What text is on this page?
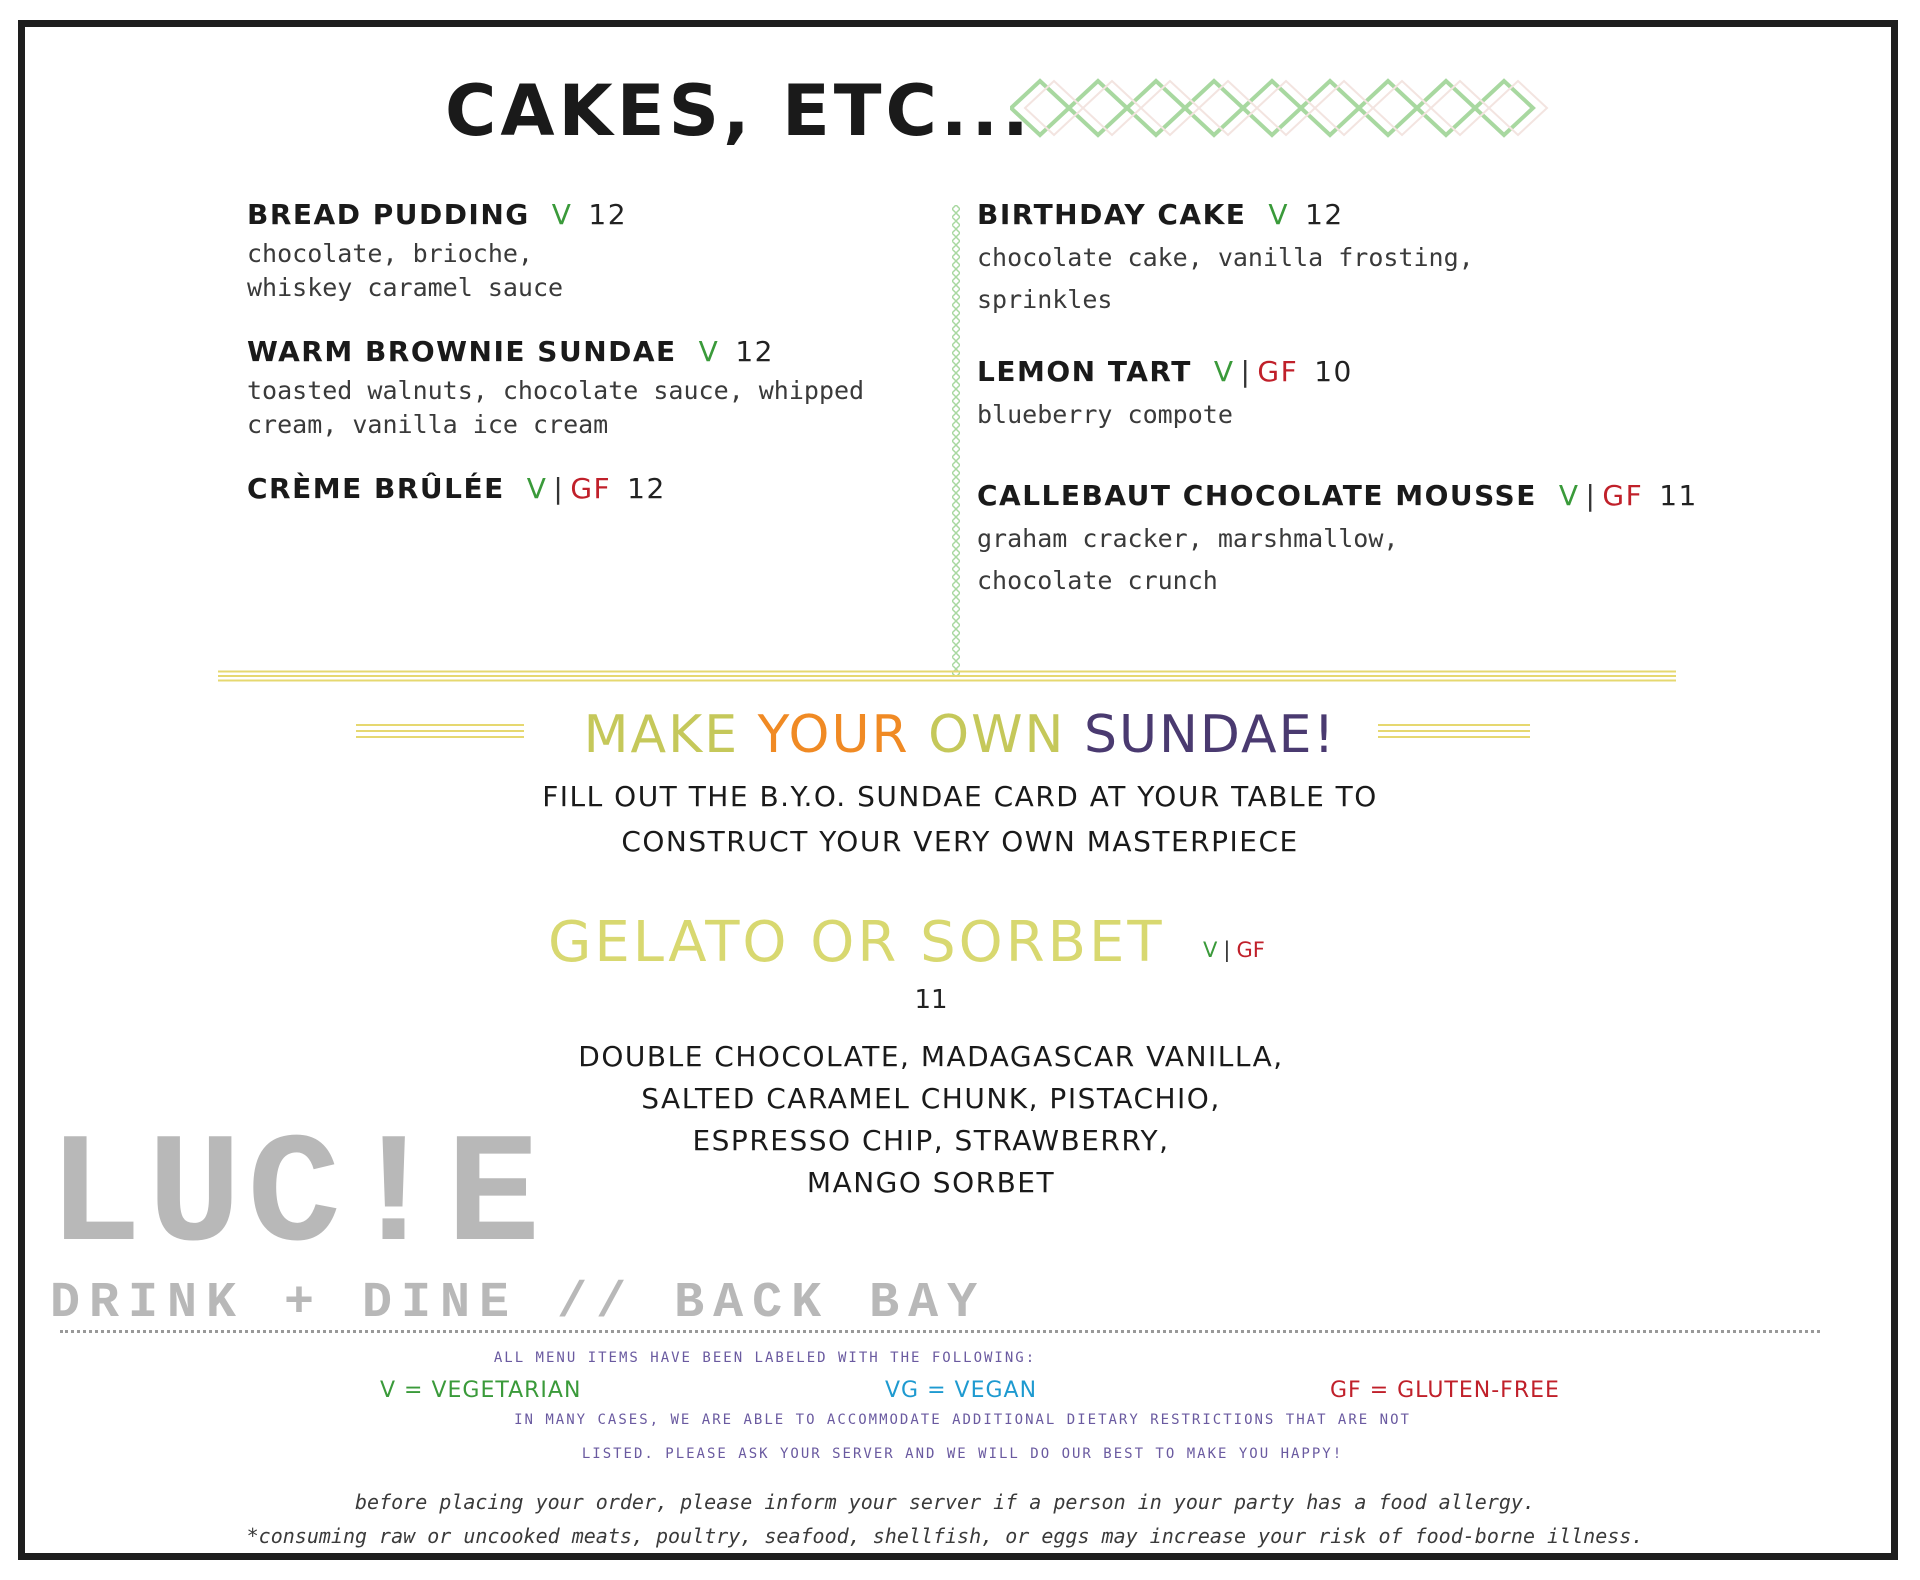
CAKES, ETC...
BREAD PUDDING V 12
chocolate, brioche,
whiskey caramel sauce
WARM BROWNIE SUNDAE V 12
toasted walnuts, chocolate sauce, whipped
cream, vanilla ice cream
CRÈME BRÛLÉE V | GF 12
BIRTHDAY CAKE V 12
chocolate cake, vanilla frosting,
sprinkles
LEMON TART V | GF 10
blueberry compote
CALLEBAUT CHOCOLATE MOUSSE V | GF 11
graham cracker, marshmallow,
chocolate crunch
MAKE YOUR OWN SUNDAE!
FILL OUT THE B.Y.O. SUNDAE CARD AT YOUR TABLE TO
CONSTRUCT YOUR VERY OWN MASTERPIECE
GELATO OR SORBET V | GF
11
DOUBLE CHOCOLATE, MADAGASCAR VANILLA,
SALTED CARAMEL CHUNK, PISTACHIO,
ESPRESSO CHIP, STRAWBERRY,
MANGO SORBET
LUC!E
DRINK + DINE // BACK BAY
ALL MENU ITEMS HAVE BEEN LABELED WITH THE FOLLOWING:
V = VEGETARIAN	VG = VEGAN	GF = GLUTEN-FREE
IN MANY CASES, WE ARE ABLE TO ACCOMMODATE ADDITIONAL DIETARY RESTRICTIONS THAT ARE NOT
LISTED. PLEASE ASK YOUR SERVER AND WE WILL DO OUR BEST TO MAKE YOU HAPPY!
before placing your order, please inform your server if a person in your party has a food allergy.
*consuming raw or uncooked meats, poultry, seafood, shellfish, or eggs may increase your risk of food-borne illness.
